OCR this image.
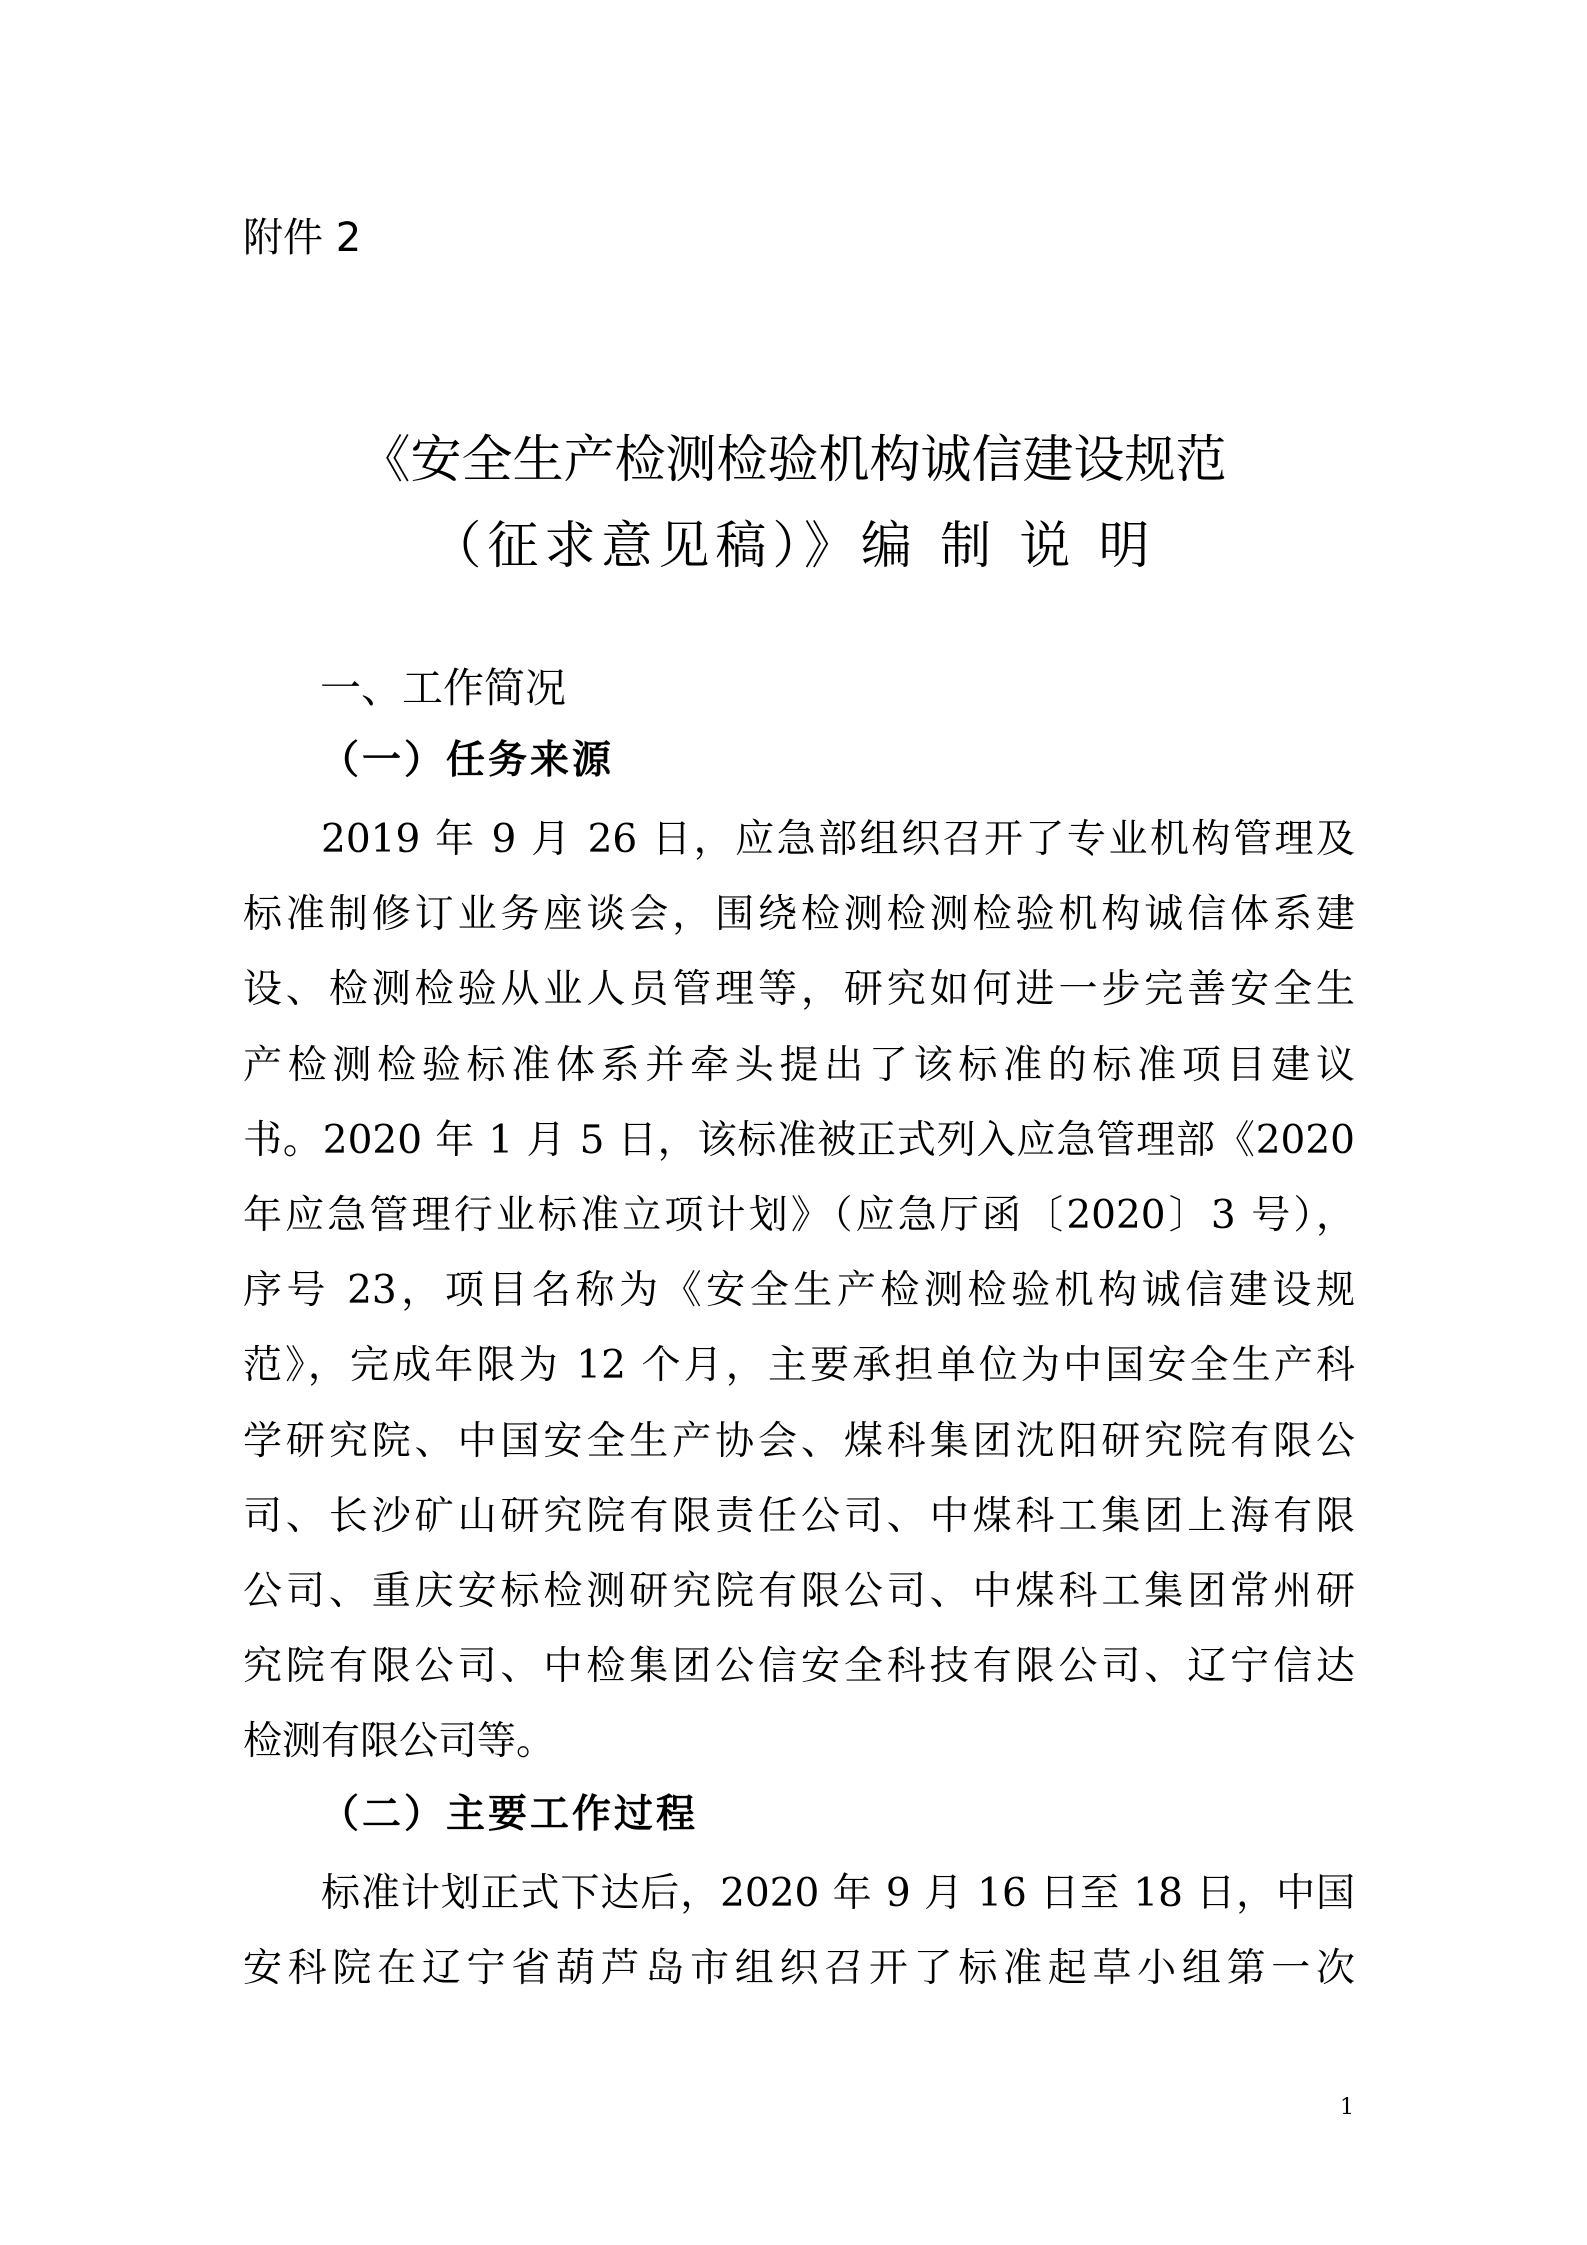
附件 2
《安全生产检测检验机构诚信建设规范
（征求意见稿）》编 制 说 明
一、工作简况
（一）任务来源
2019 年 9 月 26 日，应急部组织召开了专业机构管理及
标准制修订业务座谈会，围绕检测检测检验机构诚信体系建
设、检测检验从业人员管理等，研究如何进一步完善安全生
产检测检验标准体系并牵头提出了该标准的标准项目建议
书。2020 年 1 月 5 日，该标准被正式列入应急管理部《2020
年应急管理行业标准立项计划》（应急厅函〔2020〕3 号），
序号 23，项目名称为《安全生产检测检验机构诚信建设规
范》，完成年限为 12 个月，主要承担单位为中国安全生产科
学研究院、中国安全生产协会、煤科集团沈阳研究院有限公
司、长沙矿山研究院有限责任公司、中煤科工集团上海有限
公司、重庆安标检测研究院有限公司、中煤科工集团常州研
究院有限公司、中检集团公信安全科技有限公司、辽宁信达
检测有限公司等。
（二）主要工作过程
标准计划正式下达后，2020 年 9 月 16 日至 18 日，中国
安科院在辽宁省葫芦岛市组织召开了标准起草小组第一次
1
